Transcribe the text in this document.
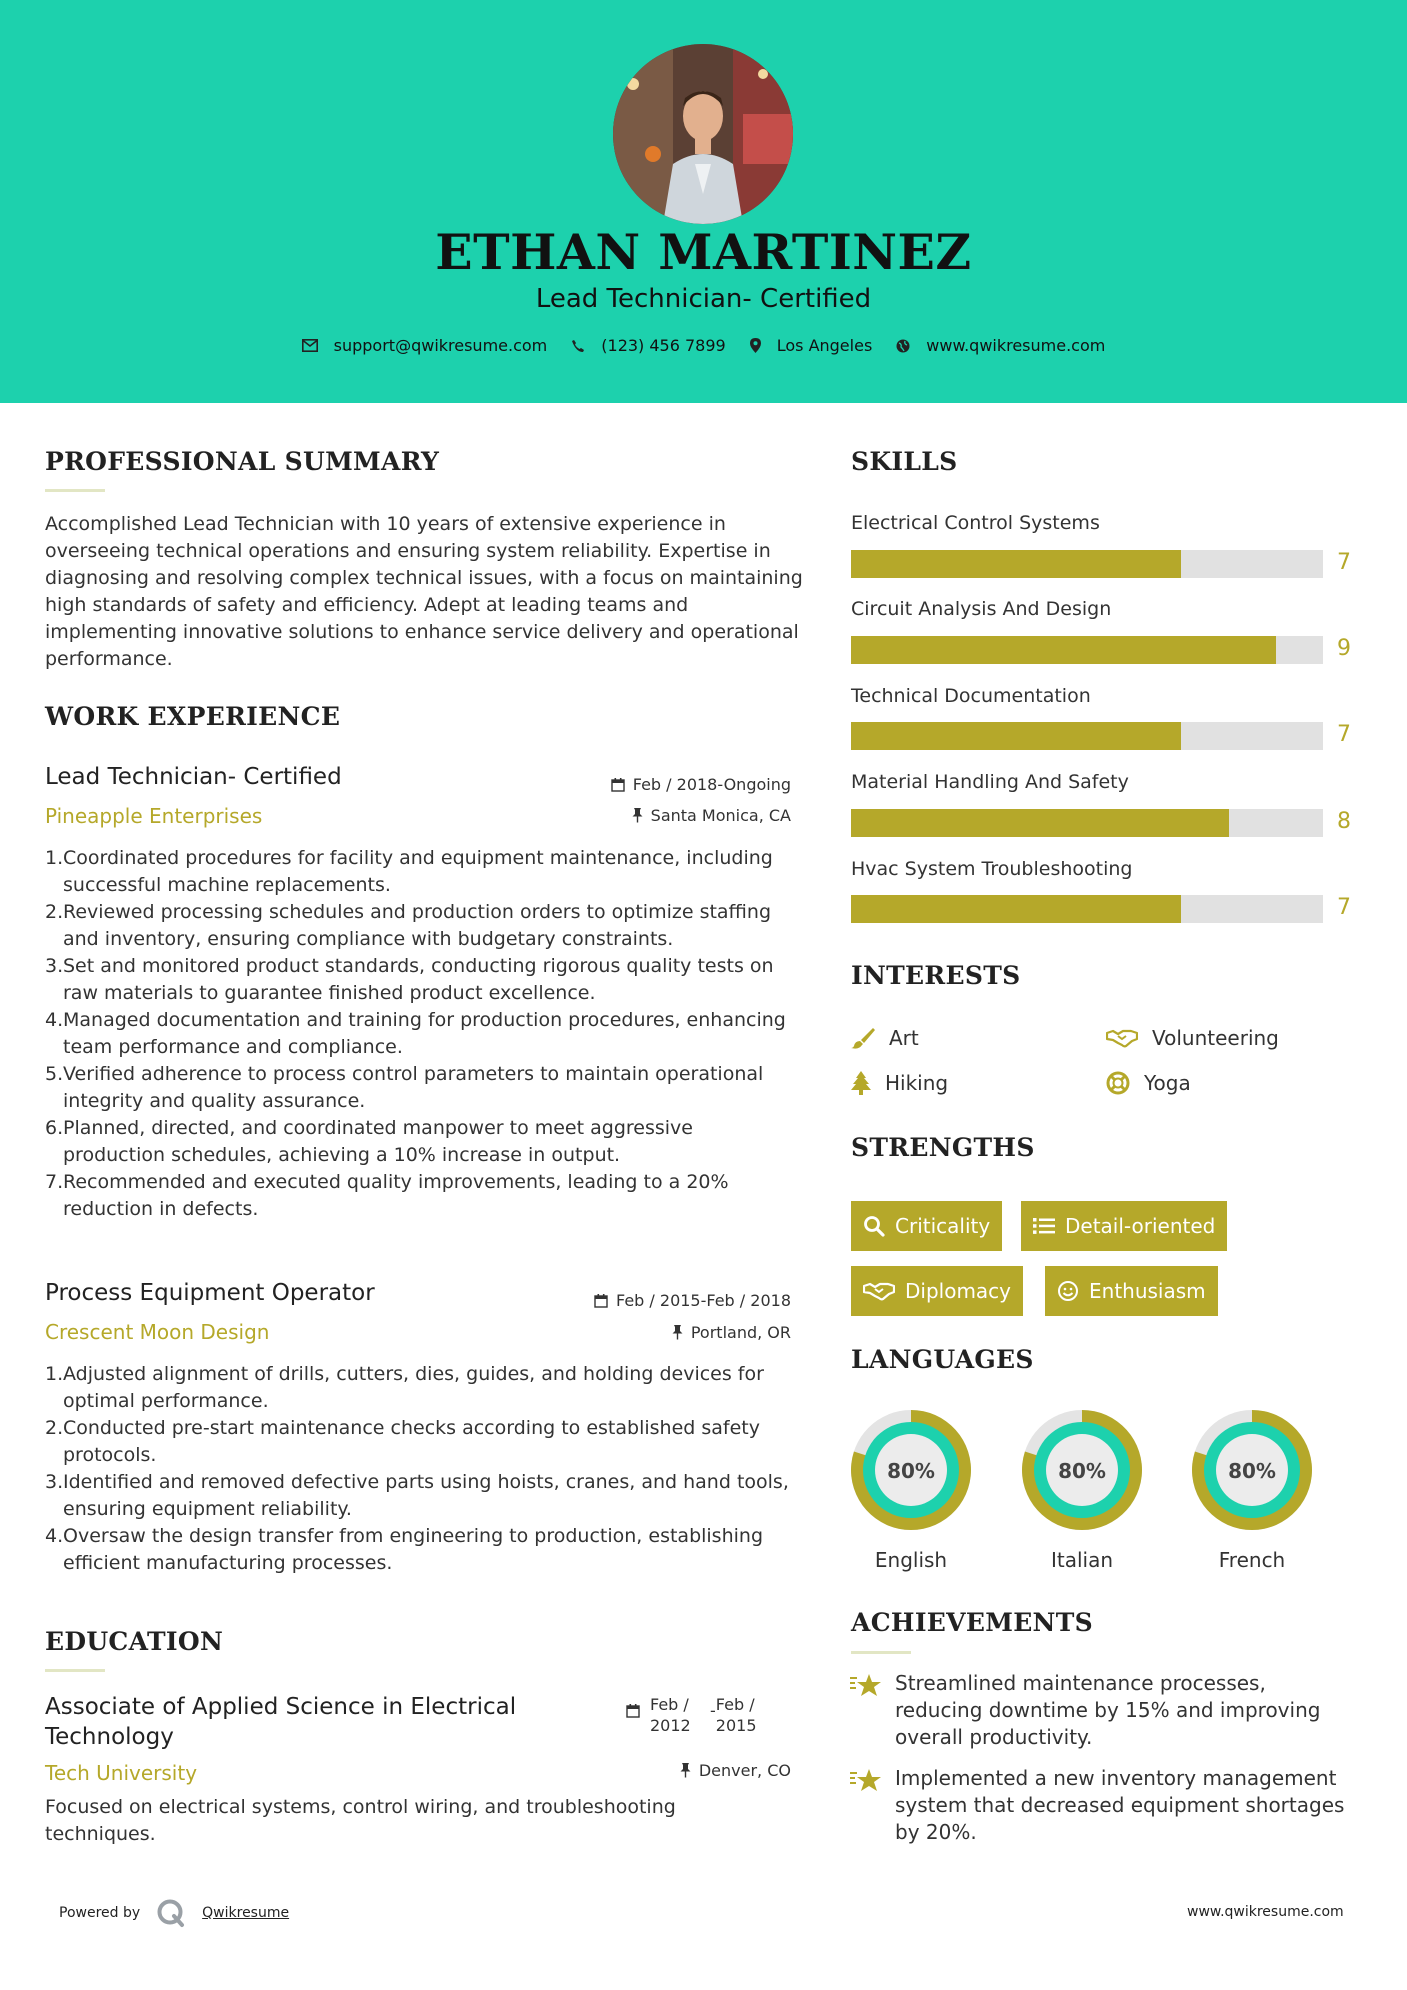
ETHAN MARTINEZ
Lead Technician- Certified
support@qwikresume.com	(123) 456 7899	Los Angeles	www.qwikresume.com
PROFESSIONAL SUMMARY
Accomplished Lead Technician with 10 years of extensive experience in overseeing technical operations and ensuring system reliability. Expertise in diagnosing and resolving complex technical issues, with a focus on maintaining high standards of safety and efficiency. Adept at leading teams and implementing innovative solutions to enhance service delivery and operational performance.
WORK EXPERIENCE
Lead Technician- Certified
Pineapple Enterprises
Feb / 2018-Ongoing
Santa Monica, CA
1. Coordinated procedures for facility and equipment maintenance, including successful machine replacements.
2. Reviewed processing schedules and production orders to optimize staffing and inventory, ensuring compliance with budgetary constraints.
3. Set and monitored product standards, conducting rigorous quality tests on raw materials to guarantee finished product excellence.
4. Managed documentation and training for production procedures, enhancing team performance and compliance.
5. Verified adherence to process control parameters to maintain operational integrity and quality assurance.
6. Planned, directed, and coordinated manpower to meet aggressive production schedules, achieving a 10% increase in output.
7. Recommended and executed quality improvements, leading to a 20% reduction in defects.
Process Equipment Operator
Crescent Moon Design
Feb / 2015-Feb / 2018
Portland, OR
1. Adjusted alignment of drills, cutters, dies, guides, and holding devices for optimal performance.
2. Conducted pre-start maintenance checks according to established safety protocols.
3. Identified and removed defective parts using hoists, cranes, and hand tools, ensuring equipment reliability.
4. Oversaw the design transfer from engineering to production, establishing efficient manufacturing processes.
EDUCATION
Associate of Applied Science in Electrical
Technology
Tech University
Feb /
2012
- Feb /
2015
Denver, CO
Focused on electrical systems, control wiring, and troubleshooting techniques.
SKILLS
Electrical Control Systems
7
Circuit Analysis And Design
9
Technical Documentation
7
Material Handling And Safety
8
Hvac System Troubleshooting
7
INTERESTS
Art	Volunteering
Hiking	Yoga
STRENGTHS
Criticality	Detail-oriented
Diplomacy	Enthusiasm
LANGUAGES
80%
English
80%
Italian
80%
French
ACHIEVEMENTS
Streamlined maintenance processes, reducing downtime by 15% and improving overall productivity.
Implemented a new inventory management system that decreased equipment shortages by 20%.
Powered by	Qwikresume	www.qwikresume.com
